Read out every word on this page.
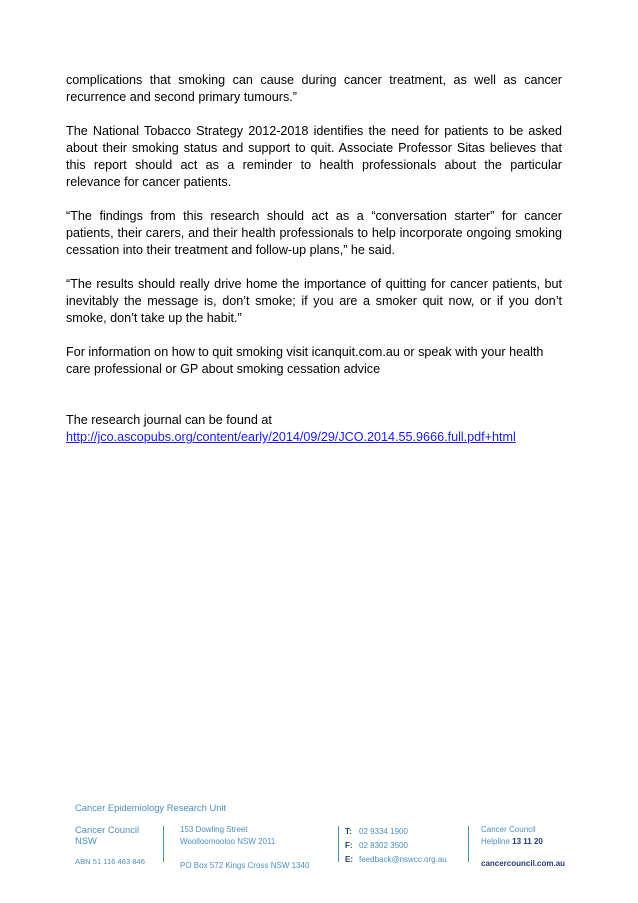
complications that smoking can cause during cancer treatment, as well as cancer recurrence and second primary tumours.”

The National Tobacco Strategy 2012-2018 identifies the need for patients to be asked about their smoking status and support to quit. Associate Professor Sitas believes that this report should act as a reminder to health professionals about the particular relevance for cancer patients.

“The findings from this research should act as a “conversation starter” for cancer patients, their carers, and their health professionals to help incorporate ongoing smoking cessation into their treatment and follow-up plans,” he said.

“The results should really drive home the importance of quitting for cancer patients, but inevitably the message is, don’t smoke; if you are a smoker quit now, or if you don’t smoke, don’t take up the habit.”

For information on how to quit smoking visit icanquit.com.au or speak with your health care professional or GP about smoking cessation advice

The research journal can be found at
http://jco.ascopubs.org/content/early/2014/09/29/JCO.2014.55.9666.full.pdf+html
Cancer Epidemiology Research Unit
Cancer Council
NSW
ABN 51 116 463 846
153 Dowling Street
Woolloomooloo NSW 2011
PO Box 572 Kings Cross NSW 1340
T: 02 9334 1900
F: 02 8302 3500
E: feedback@nswcc.org.au
Cancer Council
Helpline 13 11 20
cancercouncil.com.au
